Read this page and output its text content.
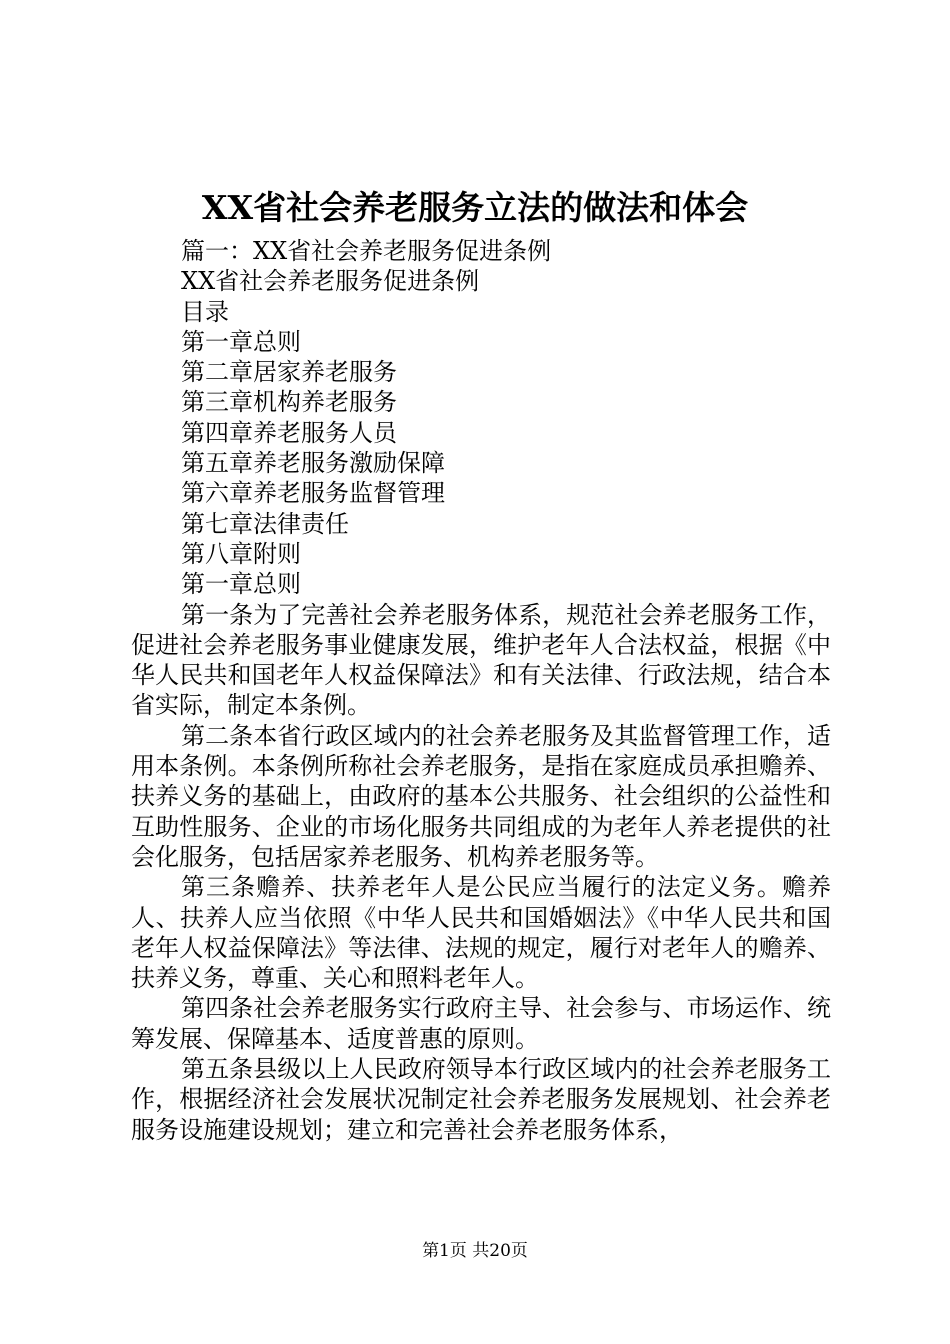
XX省社会养老服务立法的做法和体会
篇一：XX省社会养老服务促进条例
XX省社会养老服务促进条例
目录
第一章总则
第二章居家养老服务
第三章机构养老服务
第四章养老服务人员
第五章养老服务激励保障
第六章养老服务监督管理
第七章法律责任
第八章附则
第一章总则
第一条为了完善社会养老服务体系，规范社会养老服务工作，促进社会养老服务事业健康发展，维护老年人合法权益，根据《中华人民共和国老年人权益保障法》和有关法律、行政法规，结合本省实际，制定本条例。
第二条本省行政区域内的社会养老服务及其监督管理工作，适用本条例。本条例所称社会养老服务，是指在家庭成员承担赡养、扶养义务的基础上，由政府的基本公共服务、社会组织的公益性和互助性服务、企业的市场化服务共同组成的为老年人养老提供的社会化服务，包括居家养老服务、机构养老服务等。
第三条赡养、扶养老年人是公民应当履行的法定义务。赡养人、扶养人应当依照《中华人民共和国婚姻法》《中华人民共和国老年人权益保障法》等法律、法规的规定，履行对老年人的赡养、扶养义务，尊重、关心和照料老年人。
第四条社会养老服务实行政府主导、社会参与、市场运作、统筹发展、保障基本、适度普惠的原则。
第五条县级以上人民政府领导本行政区域内的社会养老服务工作，根据经济社会发展状况制定社会养老服务发展规划、社会养老服务设施建设规划；建立和完善社会养老服务体系，
第1页 共20页
